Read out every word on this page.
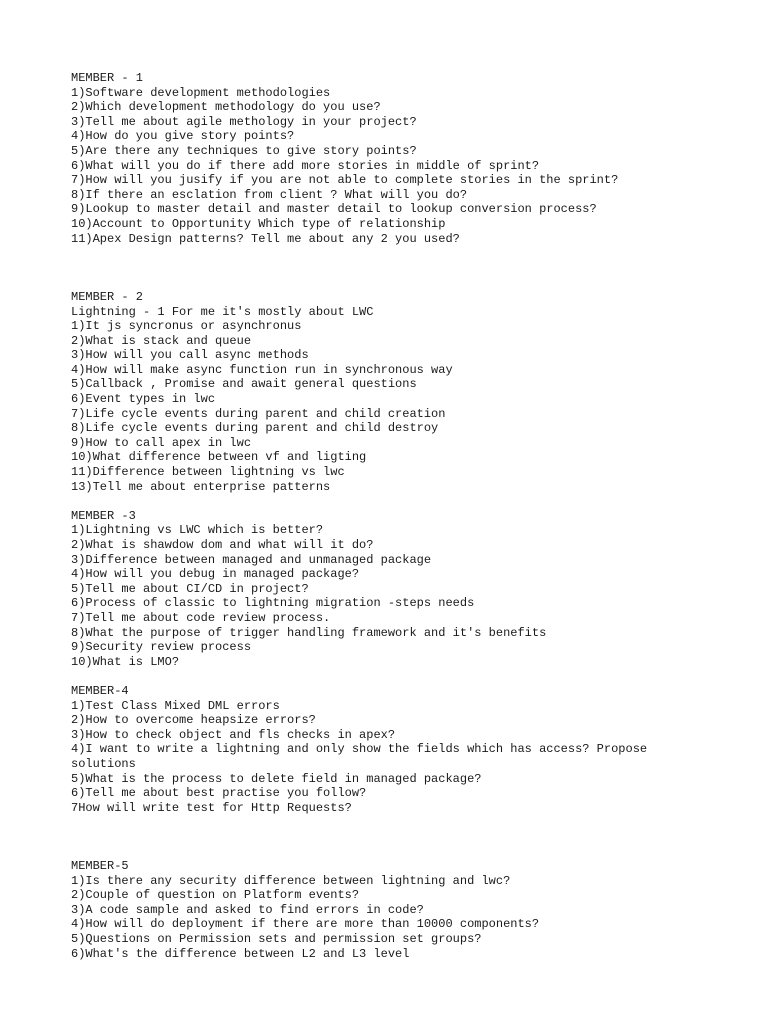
MEMBER - 1
1)Software development methodologies
2)Which development methodology do you use?
3)Tell me about agile methology in your project?
4)How do you give story points?
5)Are there any techniques to give story points?
6)What will you do if there add more stories in middle of sprint?
7)How will you jusify if you are not able to complete stories in the sprint?
8)If there an esclation from client ? What will you do?
9)Lookup to master detail and master detail to lookup conversion process?
10)Account to Opportunity Which type of relationship
11)Apex Design patterns? Tell me about any 2 you used?
MEMBER - 2
Lightning - 1 For me it's mostly about LWC
1)It js syncronus or asynchronus
2)What is stack and queue
3)How will you call async methods
4)How will make async function run in synchronous way
5)Callback , Promise and await general questions
6)Event types in lwc
7)Life cycle events during parent and child creation
8)Life cycle events during parent and child destroy
9)How to call apex in lwc
10)What difference between vf and ligting
11)Difference between lightning vs lwc
13)Tell me about enterprise patterns
MEMBER -3
1)Lightning vs LWC which is better?
2)What is shawdow dom and what will it do?
3)Difference between managed and unmanaged package
4)How will you debug in managed package?
5)Tell me about CI/CD in project?
6)Process of classic to lightning migration -steps needs
7)Tell me about code review process.
8)What the purpose of trigger handling framework and it's benefits
9)Security review process
10)What is LMO?
MEMBER-4
1)Test Class Mixed DML errors
2)How to overcome heapsize errors?
3)How to check object and fls checks in apex?
4)I want to write a lightning and only show the fields which has access? Propose solutions
5)What is the process to delete field in managed package?
6)Tell me about best practise you follow?
7How will write test for Http Requests?
MEMBER-5
1)Is there any security difference between lightning and lwc?
2)Couple of question on Platform events?
3)A code sample and asked to find errors in code?
4)How will do deployment if there are more than 10000 components?
5)Questions on Permission sets and permission set groups?
6)What's the difference between L2 and L3 level
